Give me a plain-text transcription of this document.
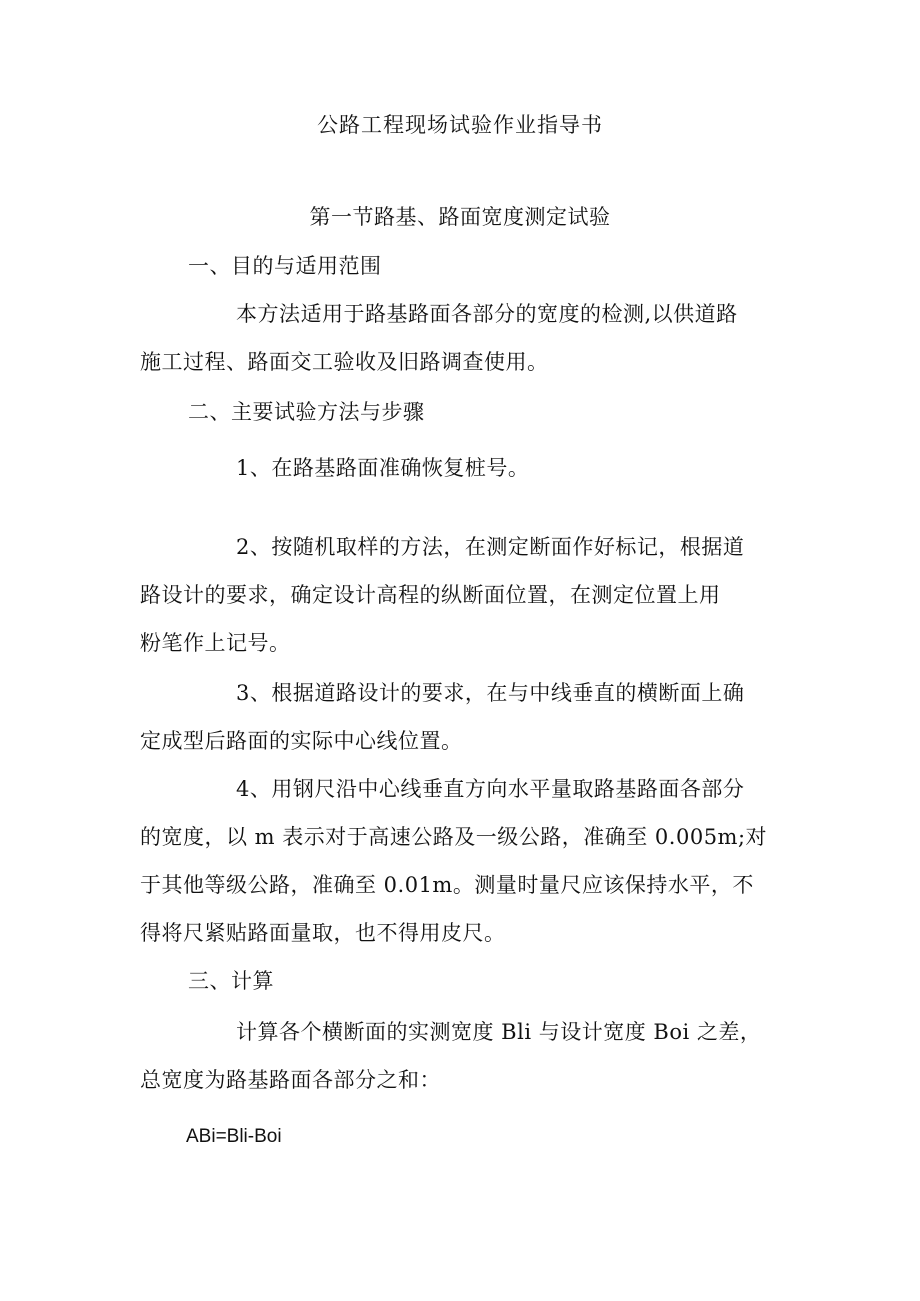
公路工程现场试验作业指导书
第一节路基、路面宽度测定试验
一、目的与适用范围
本方法适用于路基路面各部分的宽度的检测,以供道路
施工过程、路面交工验收及旧路调查使用。
二、主要试验方法与步骤
1、在路基路面准确恢复桩号。
2、按随机取样的方法，在测定断面作好标记，根据道
路设计的要求，确定设计高程的纵断面位置，在测定位置上用
粉笔作上记号。
3、根据道路设计的要求，在与中线垂直的横断面上确
定成型后路面的实际中心线位置。
4、用钢尺沿中心线垂直方向水平量取路基路面各部分
的宽度，以 m 表示对于高速公路及一级公路，准确至 0.005m;对
于其他等级公路，准确至 0.01m。测量时量尺应该保持水平，不
得将尺紧贴路面量取，也不得用皮尺。
三、计算
计算各个横断面的实测宽度 Bli 与设计宽度 Boi 之差，
总宽度为路基路面各部分之和：
ABi=Bli-Boi
